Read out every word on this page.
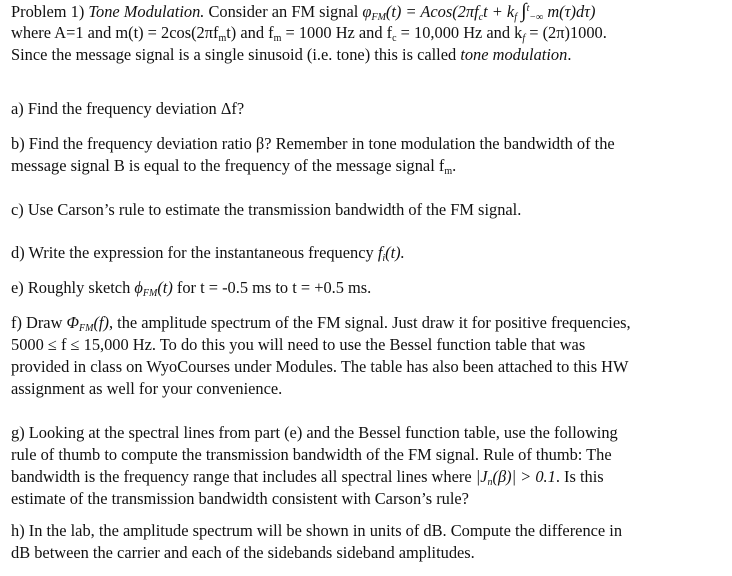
Problem 1) Tone Modulation. Consider an FM signal $\varphi_{FM}(t) = Acos(2\pi f_ct + k_f$ ∫$^t_{-\infty}$ m(τ)dτ)
where A=1 and $m(t) = 2\cos(2\pi f_mt)$ and $f_m = 1000$ Hz and $f_c = 10,000$ Hz and $k_f = (2\pi)1000$.
Since the message signal is a single sinusoid (i.e. tone) this is called tone modulation.
a) Find the frequency deviation Δf?
b) Find the frequency deviation ratio β? Remember in tone modulation the bandwidth of the
message signal B is equal to the frequency of the message signal $f_m$.
c) Use Carson’s rule to estimate the transmission bandwidth of the FM signal.
d) Write the expression for the instantaneous frequency $f_i(t)$.
e) Roughly sketch $\phi_{FM}(t)$ for t = -0.5 ms to t = +0.5 ms.
f) Draw $\Phi_{FM}(f)$, the amplitude spectrum of the FM signal. Just draw it for positive frequencies,
5000 ≤ f ≤ 15,000 Hz. To do this you will need to use the Bessel function table that was
provided in class on WyoCourses under Modules. The table has also been attached to this HW
assignment as well for your convenience.
g) Looking at the spectral lines from part (e) and the Bessel function table, use the following
rule of thumb to compute the transmission bandwidth of the FM signal. Rule of thumb: The
bandwidth is the frequency range that includes all spectral lines where $|J_n(\beta)| > 0.1$. Is this
estimate of the transmission bandwidth consistent with Carson’s rule?
h) In the lab, the amplitude spectrum will be shown in units of dB. Compute the difference in
dB between the carrier and each of the sidebands sideband amplitudes.
